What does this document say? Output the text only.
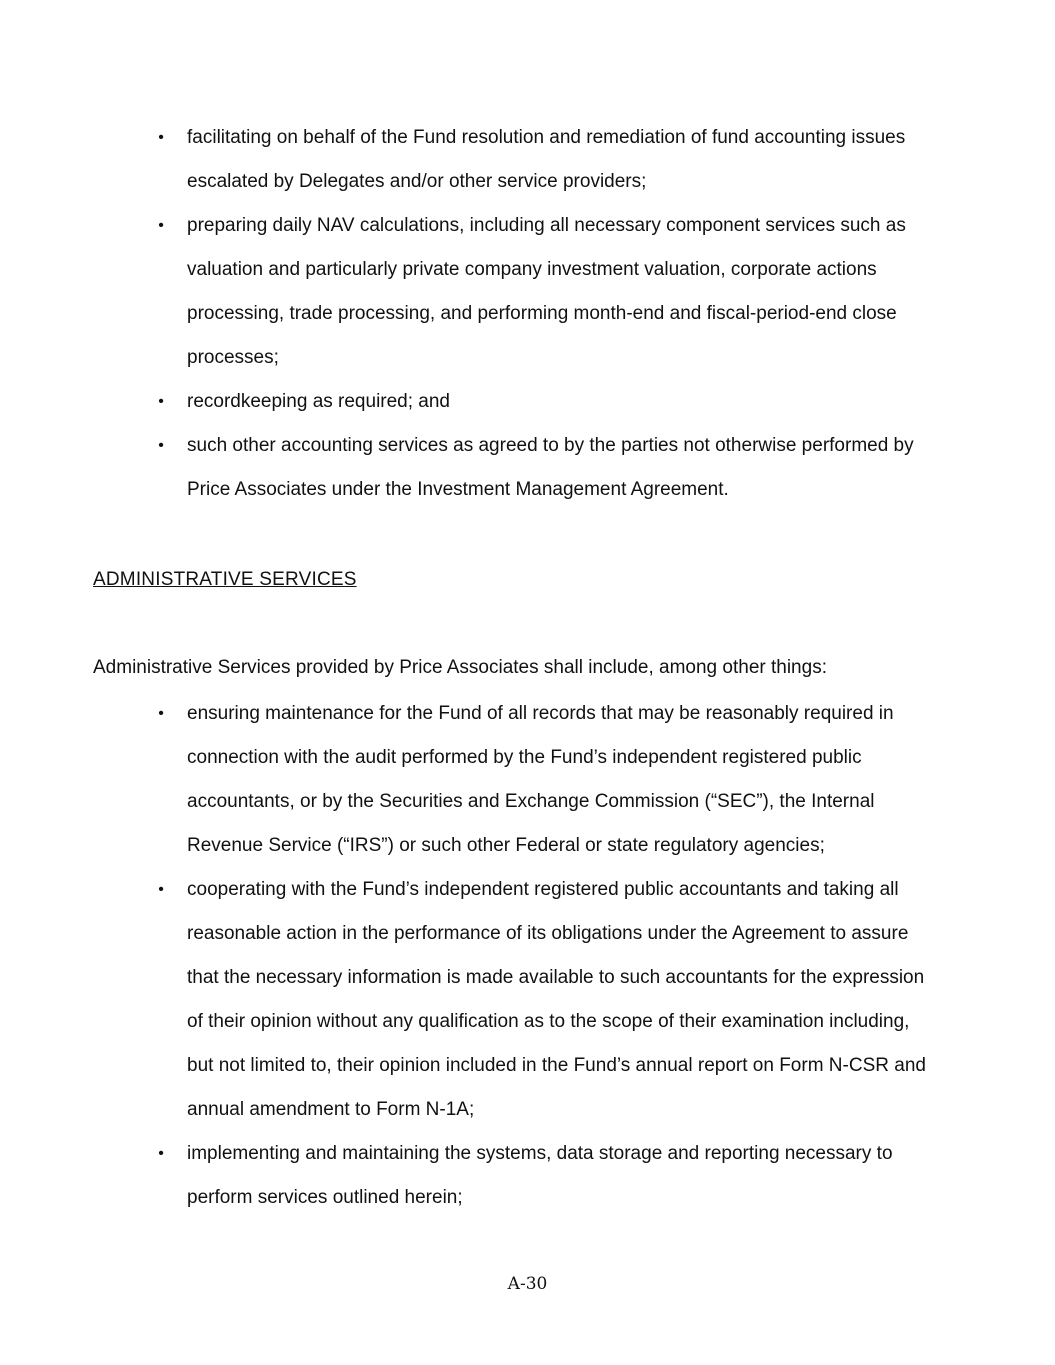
• facilitating on behalf of the Fund resolution and remediation of fund accounting issues escalated by Delegates and/or other service providers;
• preparing daily NAV calculations, including all necessary component services such as valuation and particularly private company investment valuation, corporate actions processing, trade processing, and performing month-end and fiscal-period-end close processes;
• recordkeeping as required; and
• such other accounting services as agreed to by the parties not otherwise performed by Price Associates under the Investment Management Agreement.
ADMINISTRATIVE SERVICES

Administrative Services provided by Price Associates shall include, among other things:

• ensuring maintenance for the Fund of all records that may be reasonably required in connection with the audit performed by the Fund’s independent registered public accountants, or by the Securities and Exchange Commission (“SEC”), the Internal Revenue Service (“IRS”) or such other Federal or state regulatory agencies;
• cooperating with the Fund’s independent registered public accountants and taking all reasonable action in the performance of its obligations under the Agreement to assure that the necessary information is made available to such accountants for the expression of their opinion without any qualification as to the scope of their examination including, but not limited to, their opinion included in the Fund’s annual report on Form N-CSR and annual amendment to Form N-1A;
• implementing and maintaining the systems, data storage and reporting necessary to perform services outlined herein;
A-30
